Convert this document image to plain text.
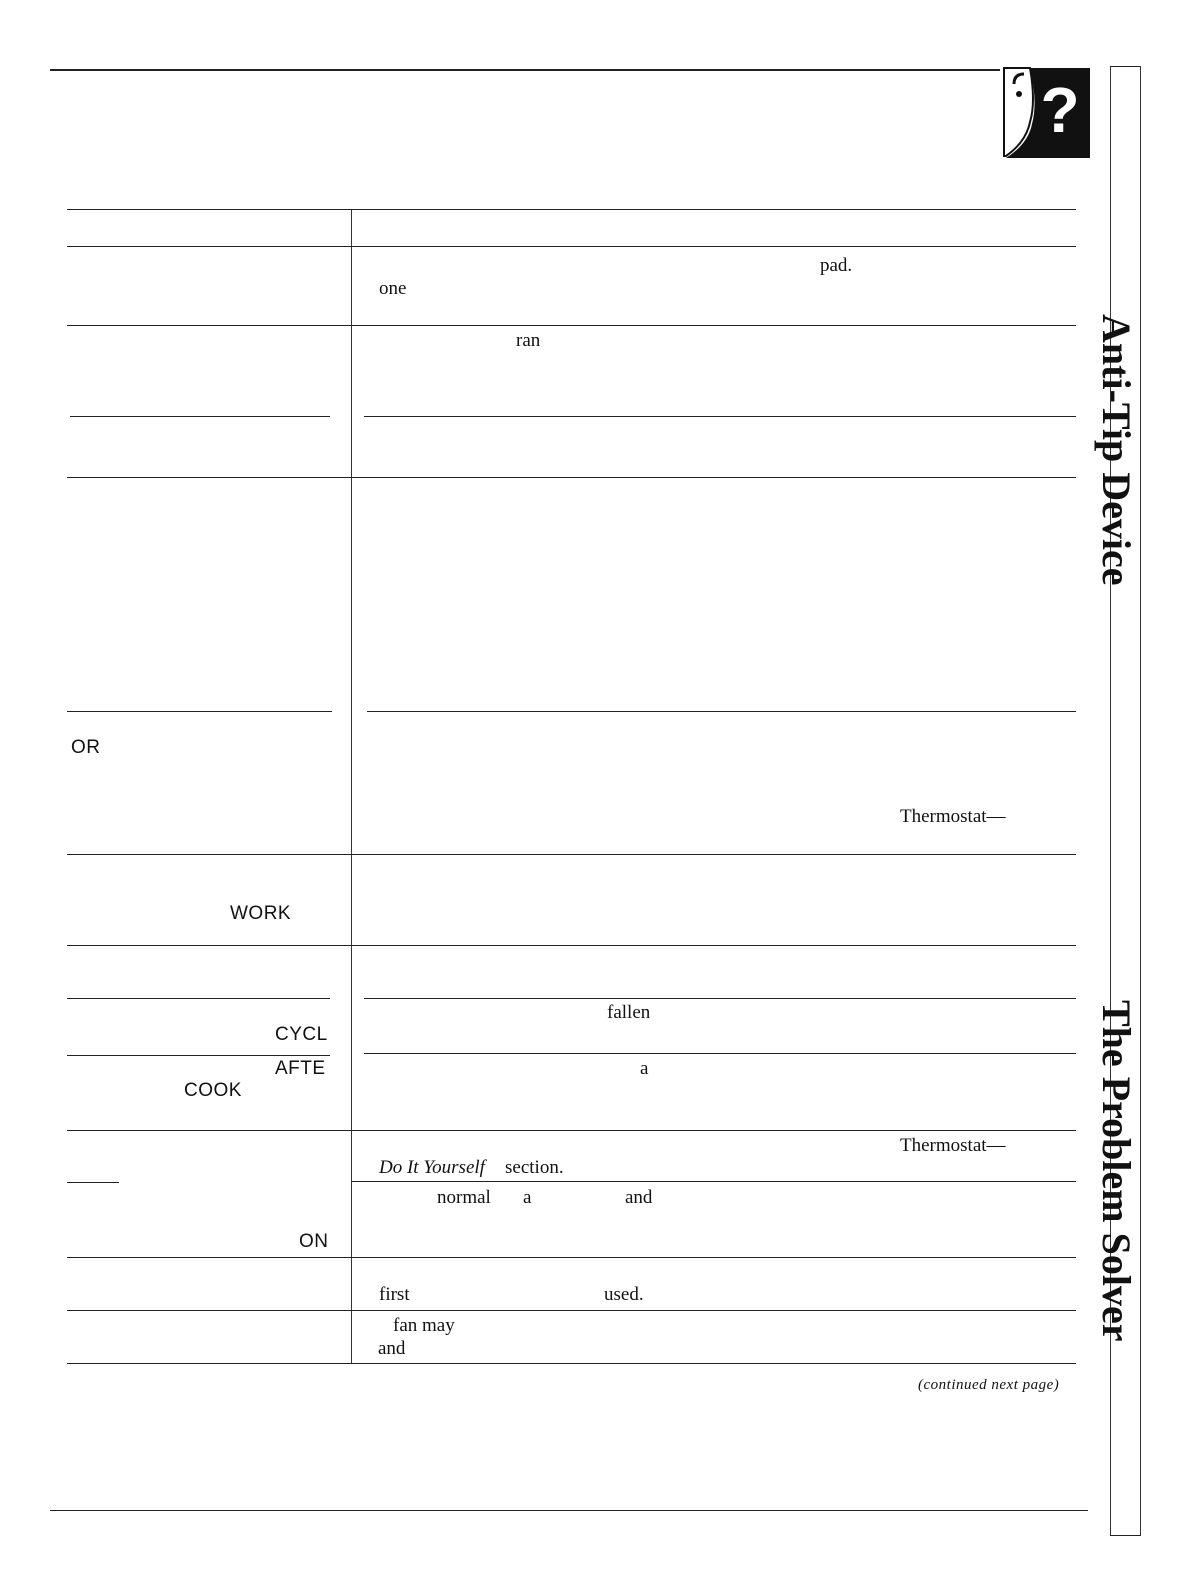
?
Anti-Tip Device
The Problem Solver
OR
WORK
CYCL
AFTE
COOK
ON
pad.
one
ran
Thermostat—
fallen
a
Thermostat—
Do It Yourself section.
normal a	and
first	used.
fan may
and
(continued next page)
